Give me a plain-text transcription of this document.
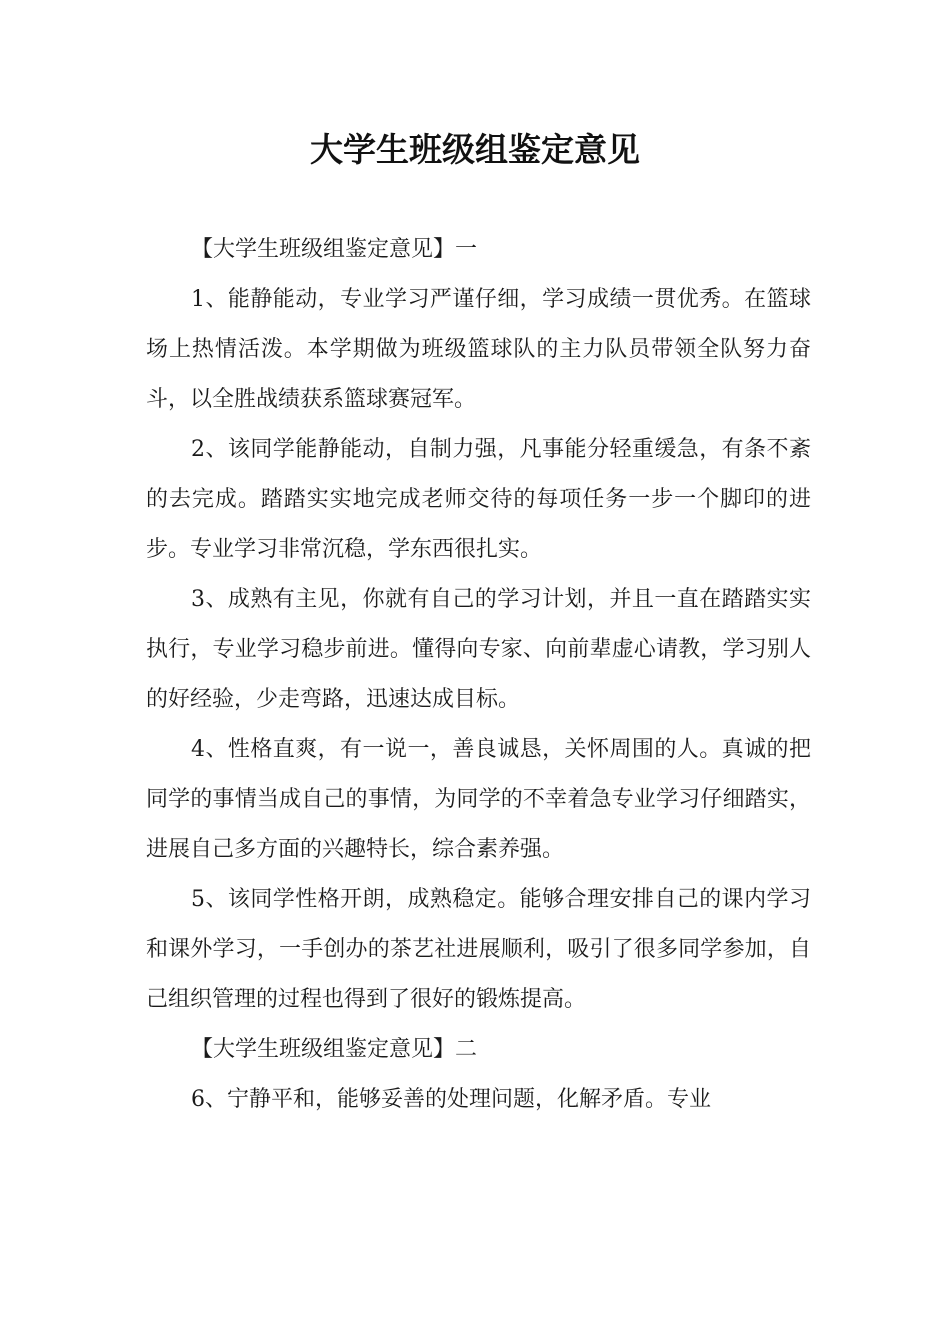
大学生班级组鉴定意见

【大学生班级组鉴定意见】一

1、能静能动，专业学习严谨仔细，学习成绩一贯优秀。在篮球场上热情活泼。本学期做为班级篮球队的主力队员带领全队努力奋斗，以全胜战绩获系篮球赛冠军。

2、该同学能静能动，自制力强，凡事能分轻重缓急，有条不紊的去完成。踏踏实实地完成老师交待的每项任务一步一个脚印的进步。专业学习非常沉稳，学东西很扎实。

3、成熟有主见，你就有自己的学习计划，并且一直在踏踏实实执行，专业学习稳步前进。懂得向专家、向前辈虚心请教，学习别人的好经验，少走弯路，迅速达成目标。

4、性格直爽，有一说一，善良诚恳，关怀周围的人。真诚的把同学的事情当成自己的事情，为同学的不幸着急专业学习仔细踏实，进展自己多方面的兴趣特长，综合素养强。

5、该同学性格开朗，成熟稳定。能够合理安排自己的课内学习和课外学习，一手创办的茶艺社进展顺利，吸引了很多同学参加，自己组织管理的过程也得到了很好的锻炼提高。

【大学生班级组鉴定意见】二

6、宁静平和，能够妥善的处理问题，化解矛盾。专业
